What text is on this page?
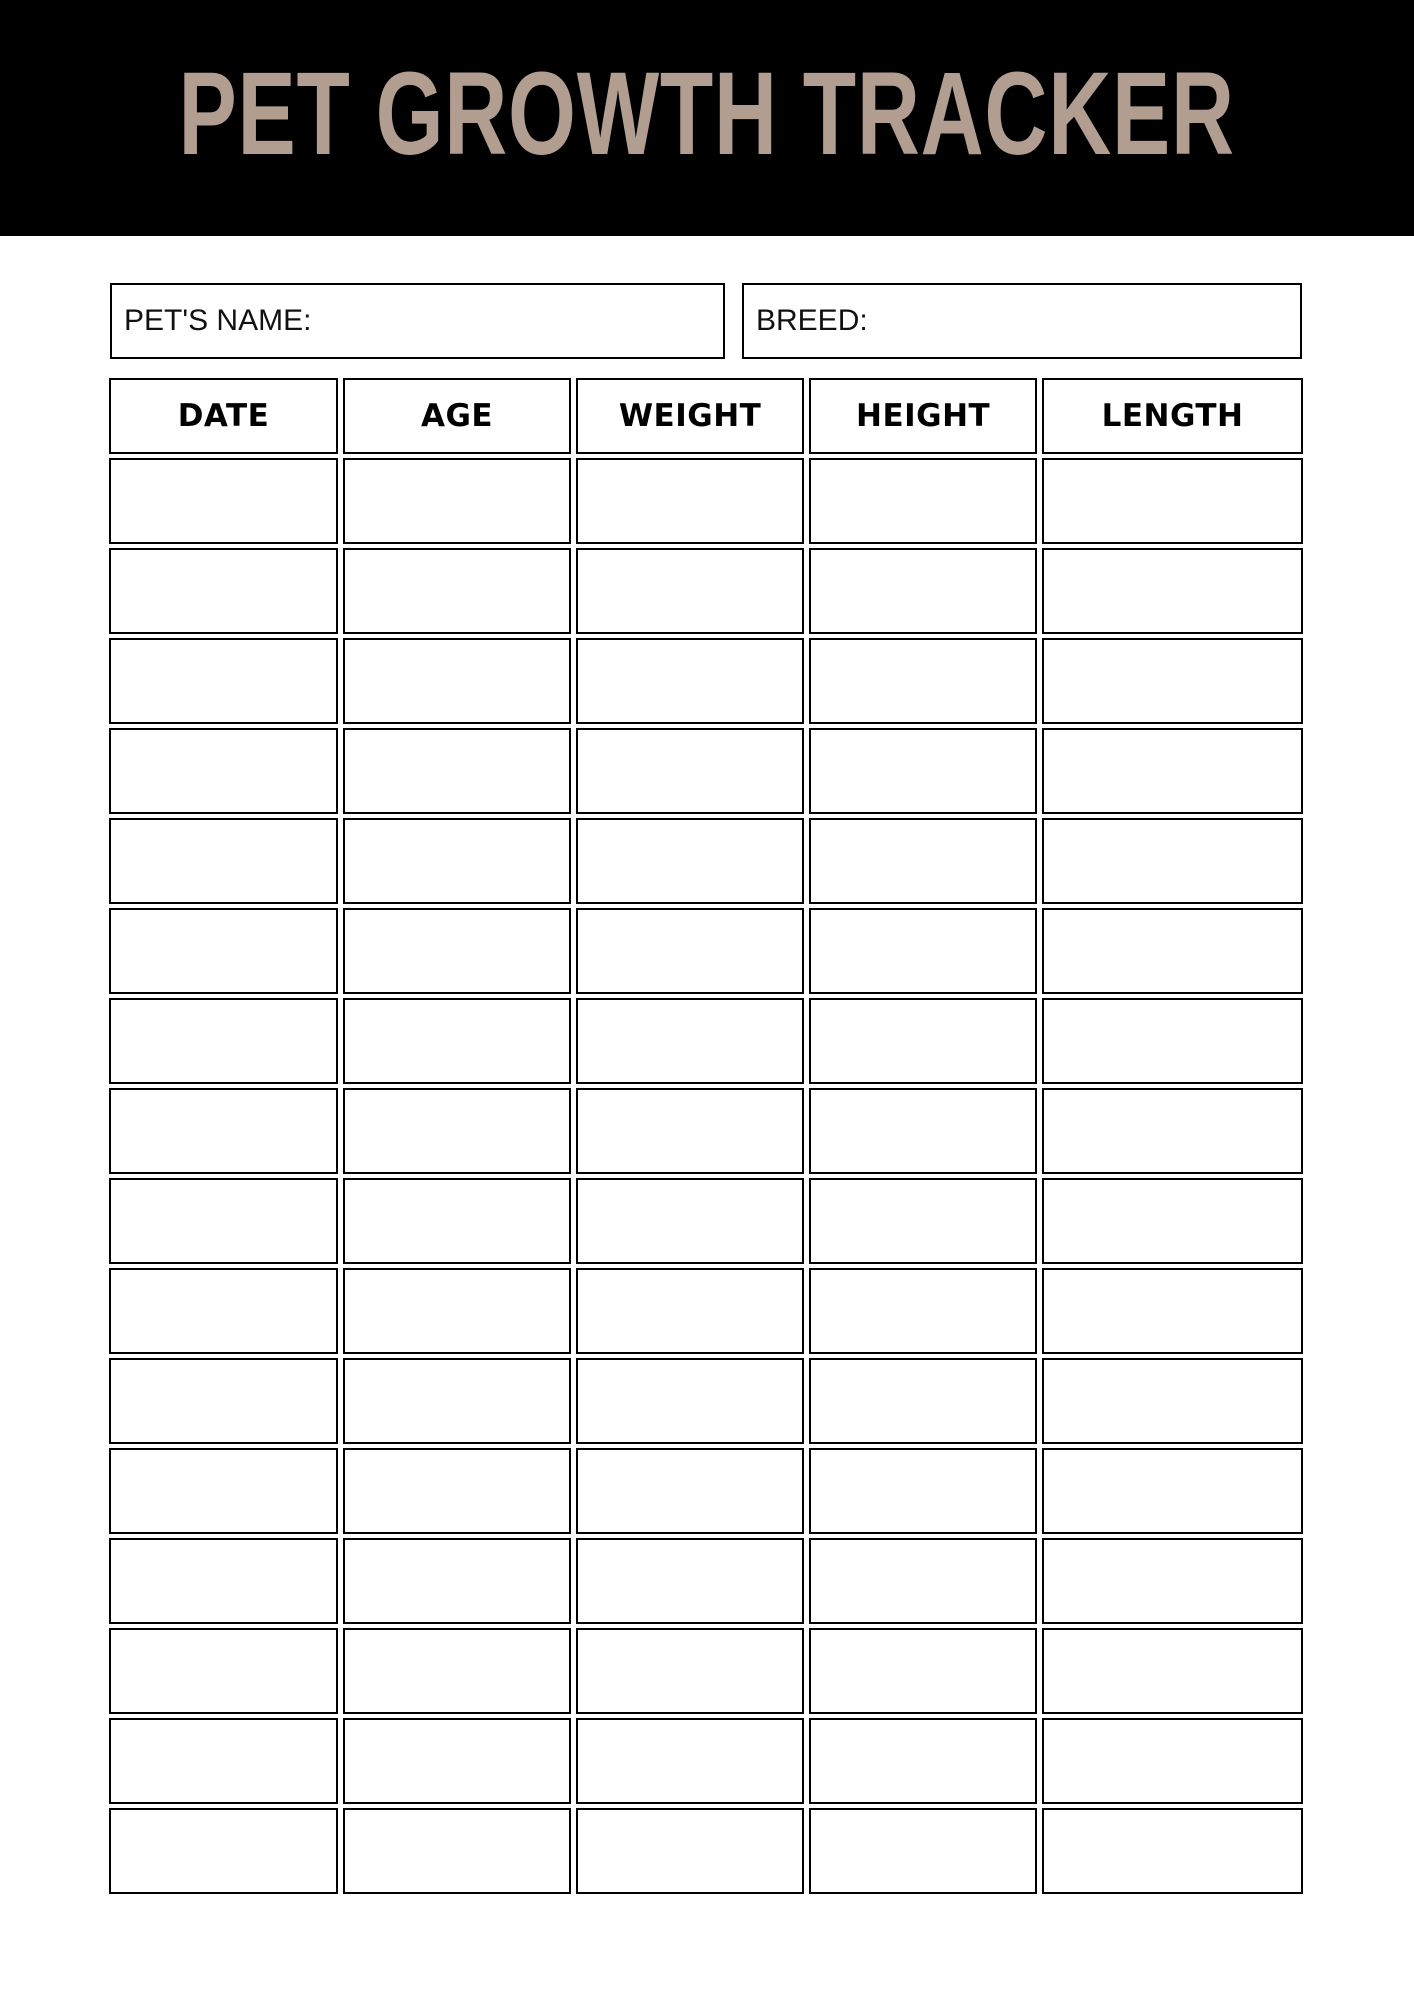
PET GROWTH TRACKER
PET'S NAME:	BREED:
DATE	AGE	WEIGHT	HEIGHT	LENGTH
